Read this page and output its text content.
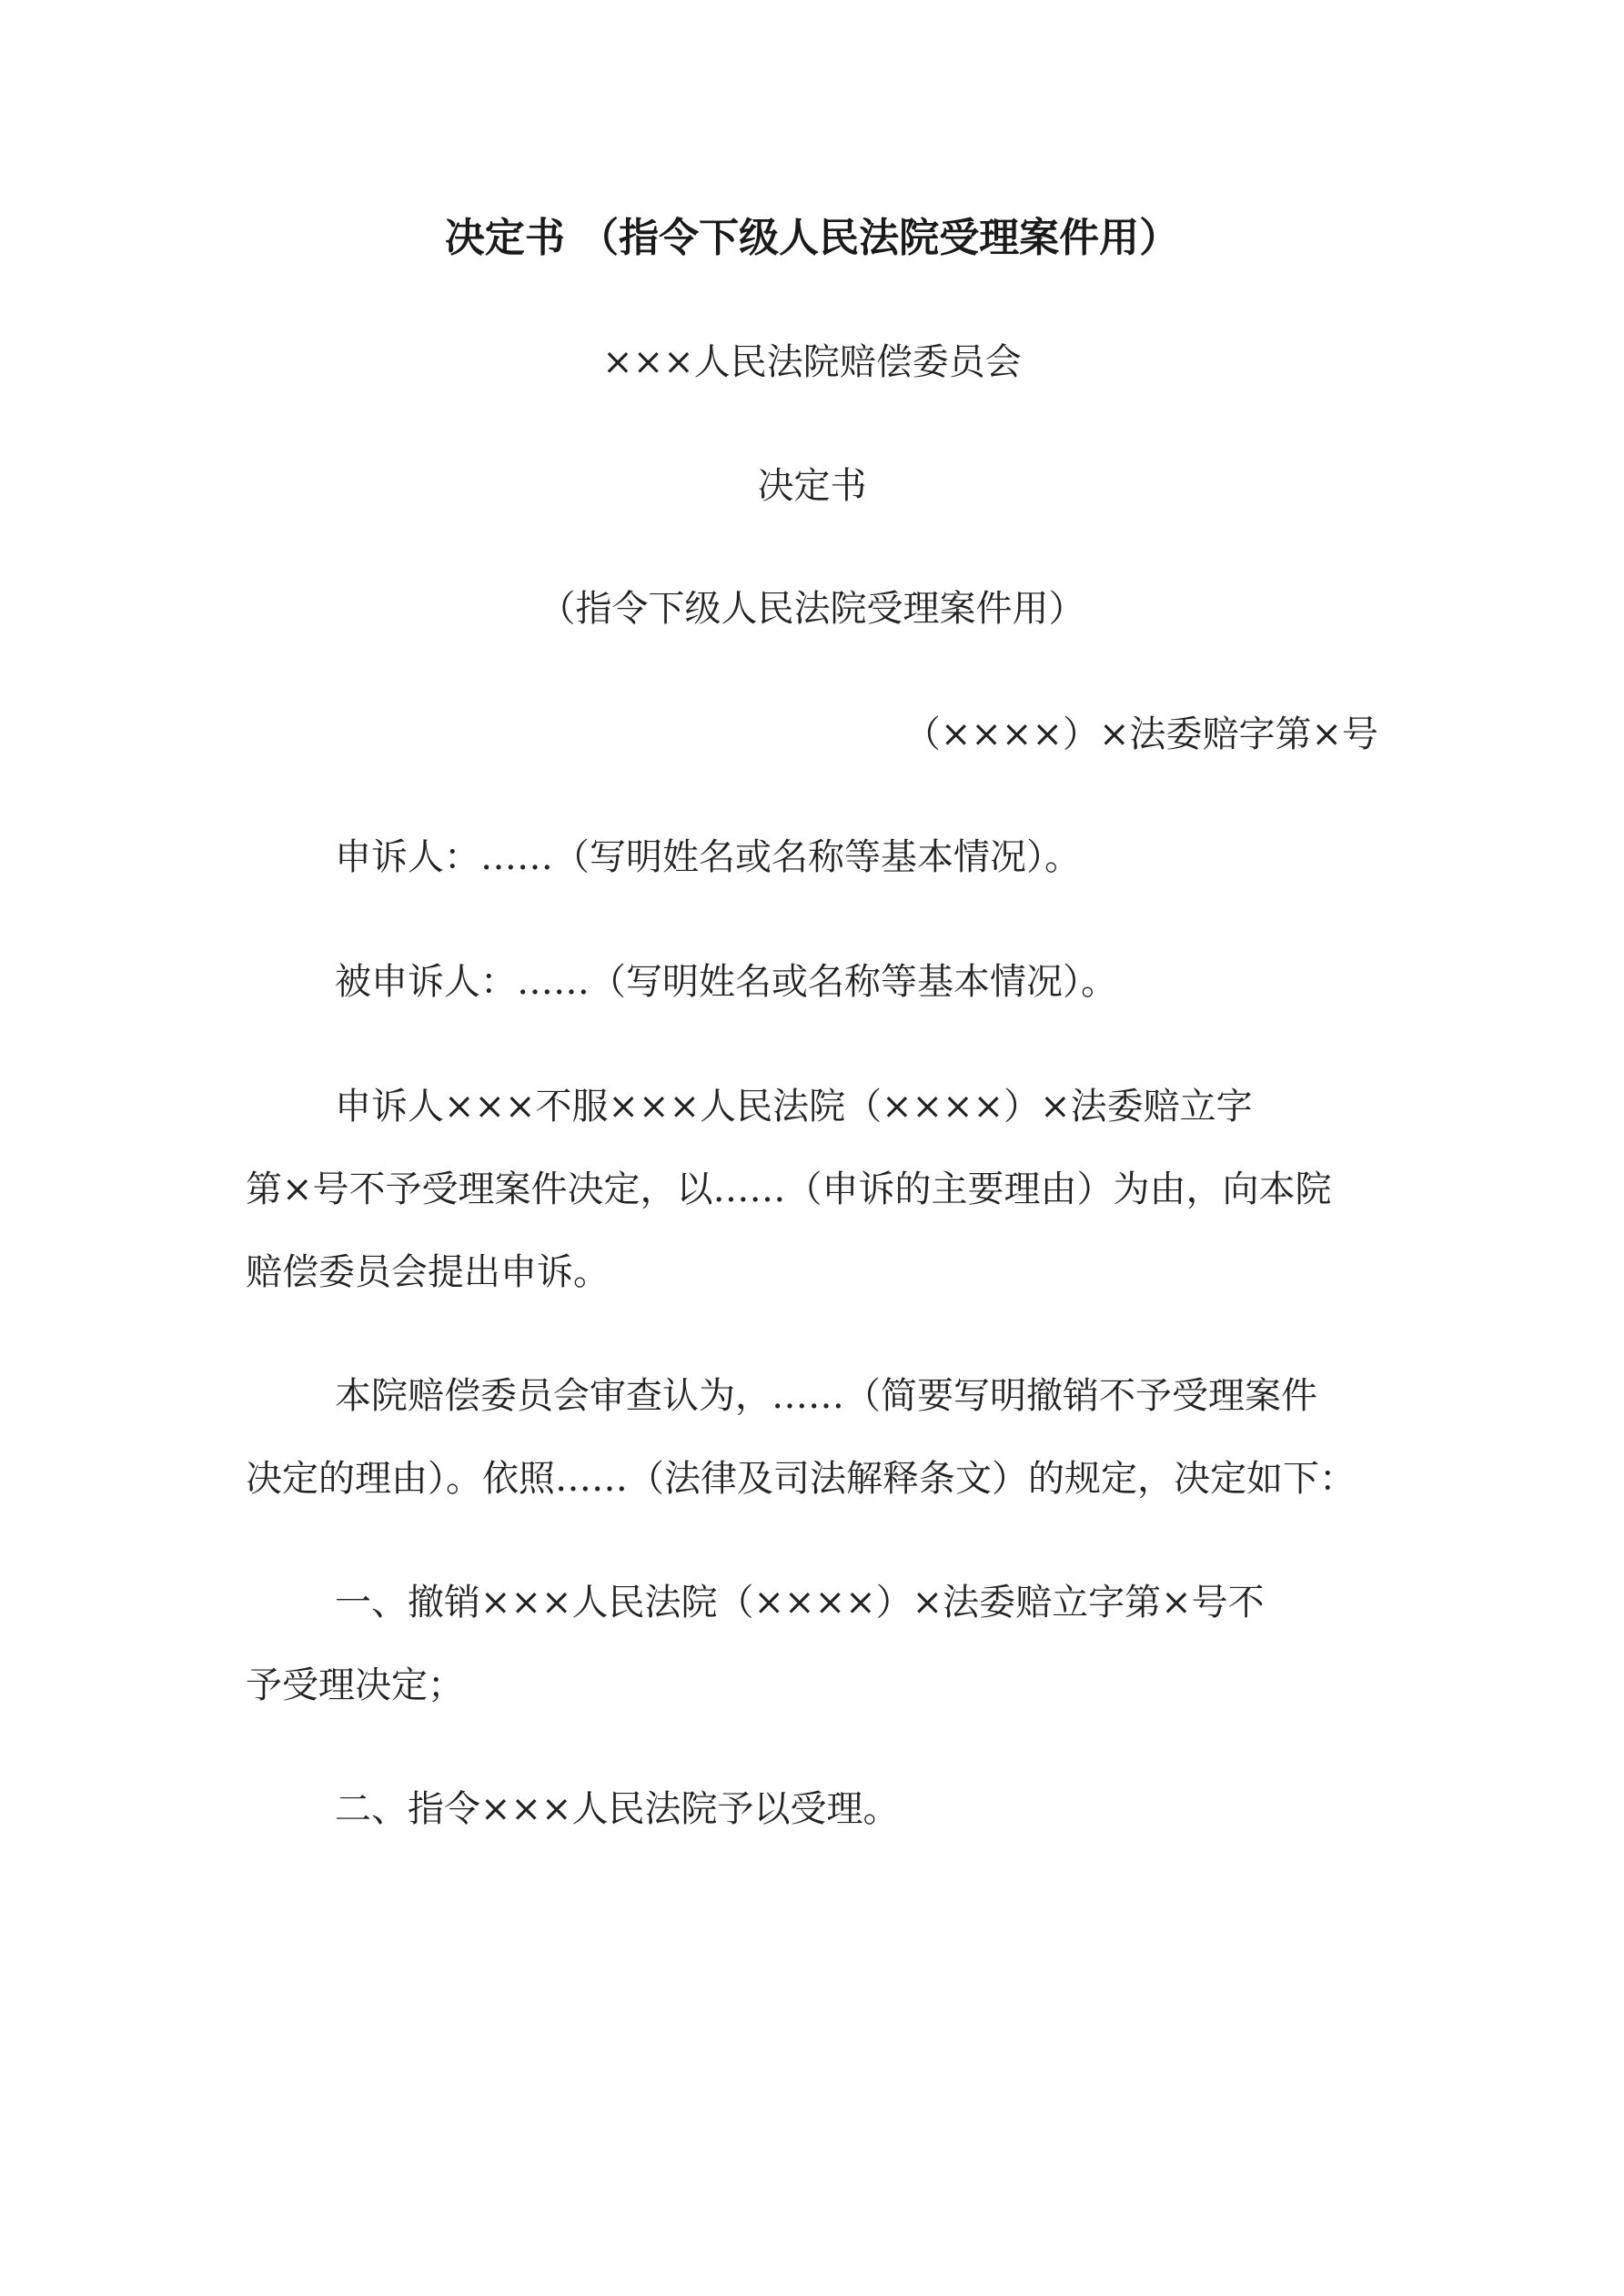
决定书 （指令下级人民法院受理案件用）
×××人民法院赔偿委员会
决定书
（指令下级人民法院受理案件用）
（××××）×法委赔字第×号
申诉人：……（写明姓名或名称等基本情况）。
被申诉人：……（写明姓名或名称等基本情况）。
申诉人×××不服×××人民法院（××××）×法委赔立字
第×号不予受理案件决定，以……（申诉的主要理由）为由，向本院
赔偿委员会提出申诉。
本院赔偿委员会审查认为，……（简要写明撤销不予受理案件
决定的理由）。依照……（法律及司法解释条文）的规定，决定如下：
一、撤销×××人民法院（××××）×法委赔立字第×号不
予受理决定；
二、指令×××人民法院予以受理。
